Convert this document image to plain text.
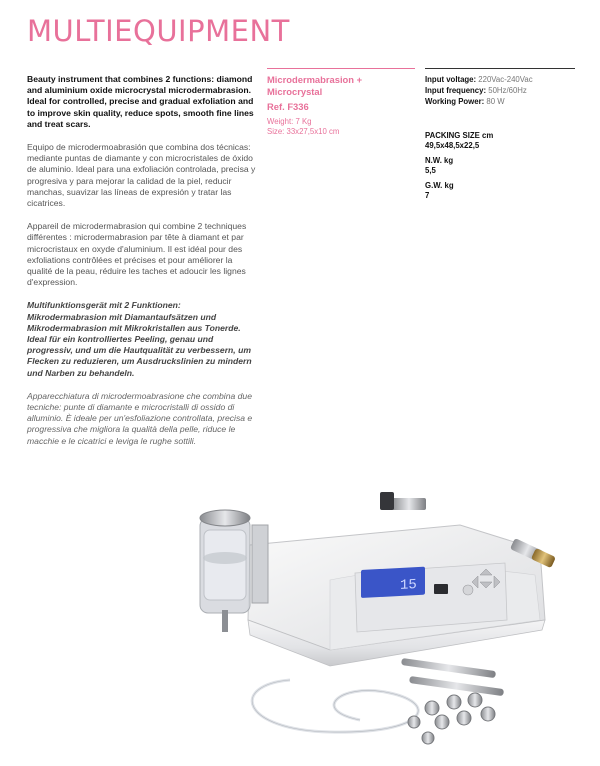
MULTIEQUIPMENT

Beauty instrument that combines 2 functions: diamond and aluminium oxide microcrystal microdermabrasion. Ideal for controlled, precise and gradual exfoliation and to improve skin quality, reduce spots, smooth fine lines and treat scars.

Equipo de microdermoabrasión que combina dos técnicas: mediante puntas de diamante y con microcristales de óxido de aluminio. Ideal para una exfoliación controlada, precisa y progresiva y para mejorar la calidad de la piel, reducir manchas, suavizar las líneas de expresión y tratar las cicatrices.

Appareil de microdermabrasion qui combine 2 techniques différentes : microdermabrasion par tête à diamant et par microcristaux en oxyde d'aluminium. Il est idéal pour des exfoliations contrôlées et précises et pour améliorer la qualité de la peau, réduire les taches et adoucir les lignes d'expression.

Multifunktionsgerät mit 2 Funktionen: Mikrodermabrasion mit Diamantaufsätzen und Mikrodermabrasion mit Mikrokristallen aus Tonerde. Ideal für ein kontrolliertes Peeling, genau und progressiv, und um die Hautqualität zu verbessern, um Flecken zu reduzieren, um Ausdruckslinien zu mindern und Narben zu behandeln.

Apparecchiatura di microdermoabrasione che combina due tecniche: punte di diamante e microcristalli di ossido di alluminio. È ideale per un'esfoliazione controllata, precisa e progressiva che migliora la qualità della pelle, riduce le macchie e le cicatrici e leviga le rughe sottili.

Microdermabrasion + Microcrystal
Ref. F336
Weight: 7 Kg
Size: 33x27,5x10 cm
Input voltage: 220Vac-240Vac
Input frequency: 50Hz/60Hz
Working Power: 80 W
PACKING SIZE cm
49,5x48,5x22,5
N.W. kg
5,5
G.W. kg
7
15
